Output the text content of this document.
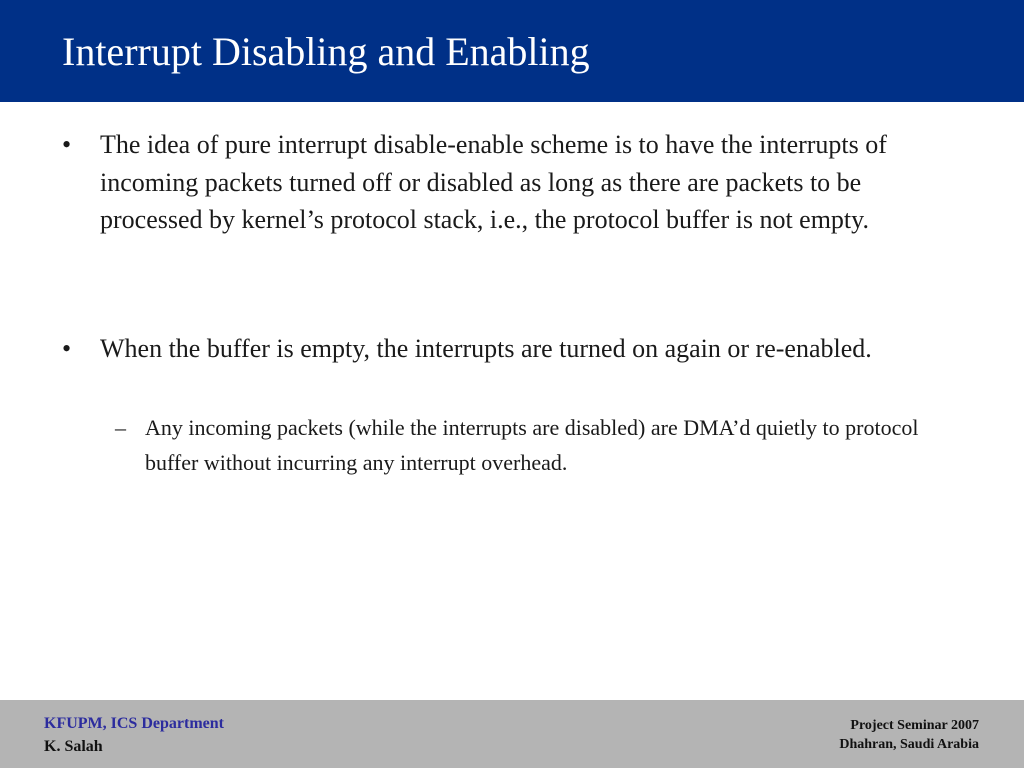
Interrupt Disabling and Enabling
• The idea of pure interrupt disable-enable scheme is to have the interrupts of incoming packets turned off or disabled as long as there are packets to be processed by kernel’s protocol stack, i.e., the protocol buffer is not empty.
• When the buffer is empty, the interrupts are turned on again or re-enabled.
– Any incoming packets (while the interrupts are disabled) are DMA’d quietly to protocol buffer without incurring any interrupt overhead.
KFUPM, ICS Department
K. Salah
Project Seminar 2007
Dhahran, Saudi Arabia
